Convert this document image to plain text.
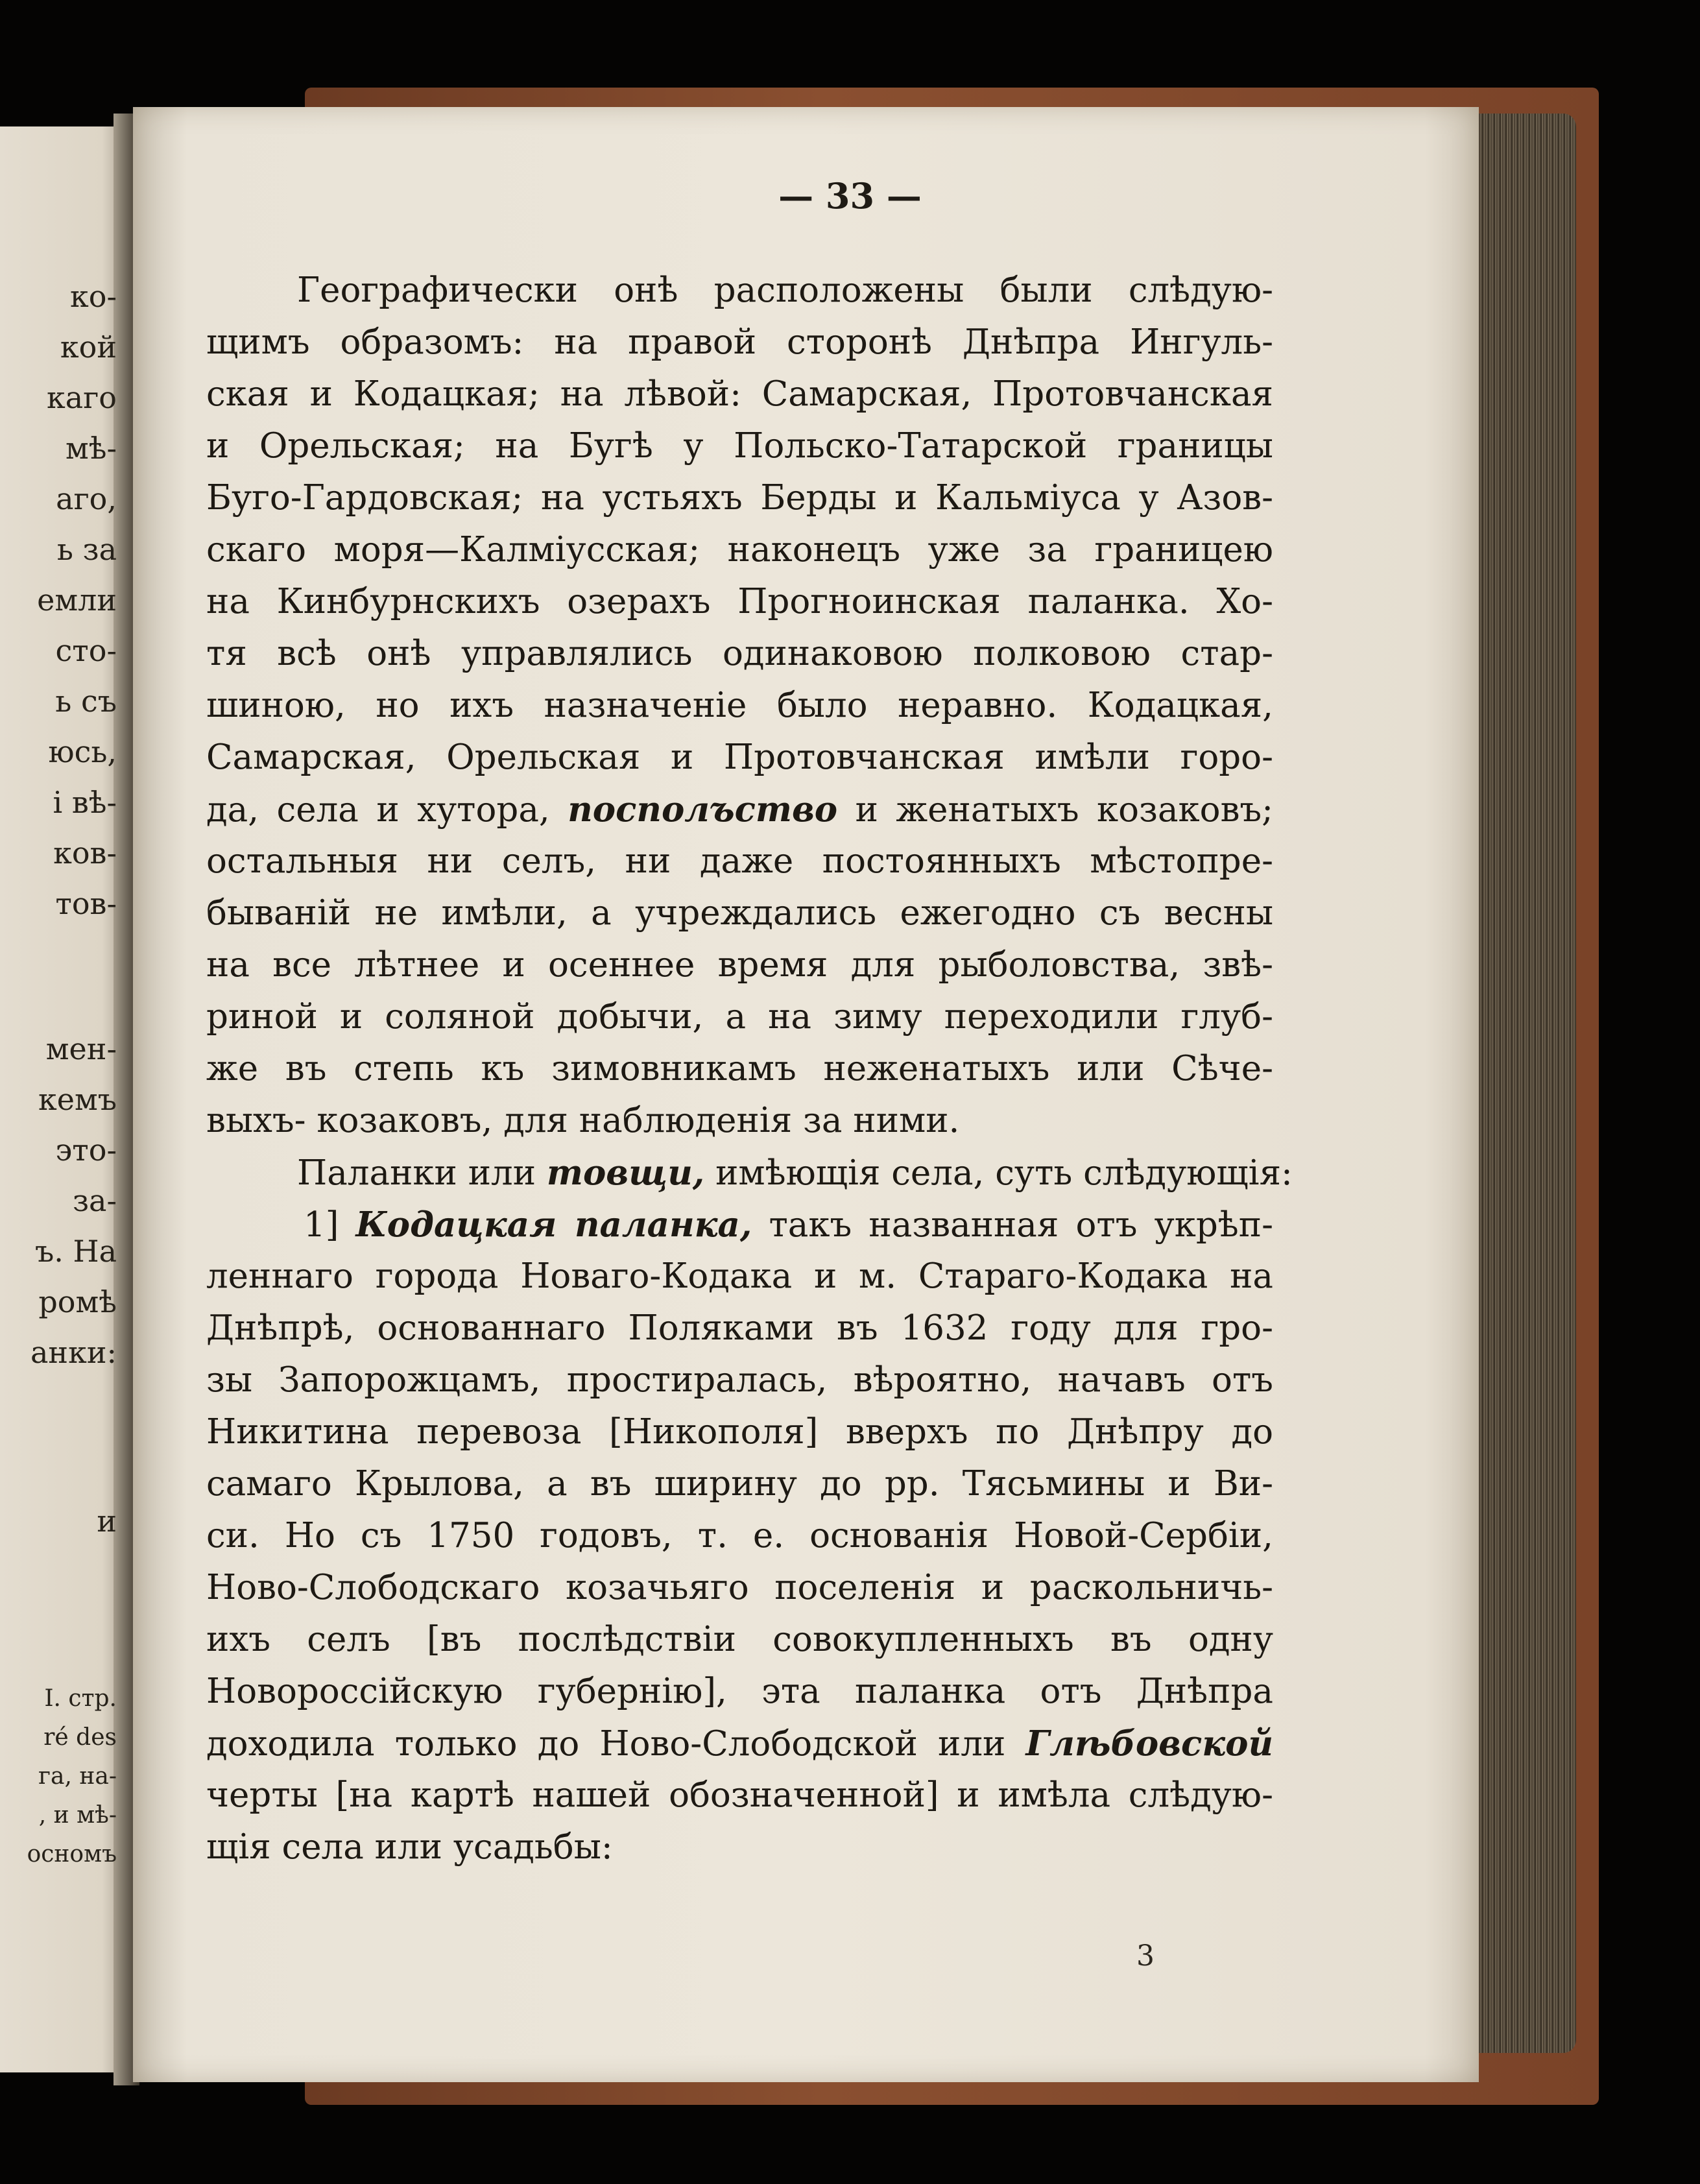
ко-
кой
каго
мѣ-
аго,
ь за
емли
сто-
ь съ
юсь,
i вѣ-
ков-
тов-
мен-
кемъ
это-
за-
ъ. На
ромѣ
анки:
и
I. стр.
ré des
га, на-
, и мѣ-
осномъ
— 33 —
Географически онѣ расположены были слѣдую-
щимъ образомъ: на правой сторонѣ Днѣпра Ингуль-
ская и Кодацкая; на лѣвой: Самарская, Протовчанская
и Орельская; на Бугѣ у Польско-Татарской границы
Буго-Гардовская; на устьяхъ Берды и Кальміуса у Азов-
скаго моря—Калміусская; наконецъ уже за границею
на Кинбурнскихъ озерахъ Прогноинская паланка. Хо-
тя всѣ онѣ управлялись одинаковою полковою стар-
шиною, но ихъ назначеніе было неравно. Кодацкая,
Самарская, Орельская и Протовчанская имѣли горо-
да, села и хутора, посполъство и женатыхъ козаковъ;
остальныя ни селъ, ни даже постоянныхъ мѣстопре-
быванiй не имѣли, а учреждались ежегодно съ весны
на все лѣтнее и осеннее время для рыболовства, звѣ-
риной и соляной добычи, а на зиму переходили глуб-
же въ степь къ зимовникамъ неженатыхъ или Сѣче-
выхъ- козаковъ, для наблюденія за ними.
Паланки или товщи, имѣющія села, суть слѣдующія:
1] Кодацкая паланка, такъ названная отъ укрѣп-
леннаго города Новаго-Кодака и м. Стараго-Кодака на
Днѣпрѣ, основаннаго Поляками въ 1632 году для гро-
зы Запорожцамъ, простиралась, вѣроятно, начавъ отъ
Никитина перевоза [Никополя] вверхъ по Днѣпру до
самаго Крылова, а въ ширину до рр. Тясьмины и Ви-
си. Но съ 1750 годовъ, т. е. основанія Новой-Сербіи,
Ново-Слободскаго козачьяго поселенія и раскольничь-
ихъ селъ [въ послѣдствіи совокупленныхъ въ одну
Новороссійскую губернію], эта паланка отъ Днѣпра
доходила только до Ново-Слободской или Глѣбовской
черты [на картѣ нашей обозначенной] и имѣла слѣдую-
щія села или усадьбы:
3
